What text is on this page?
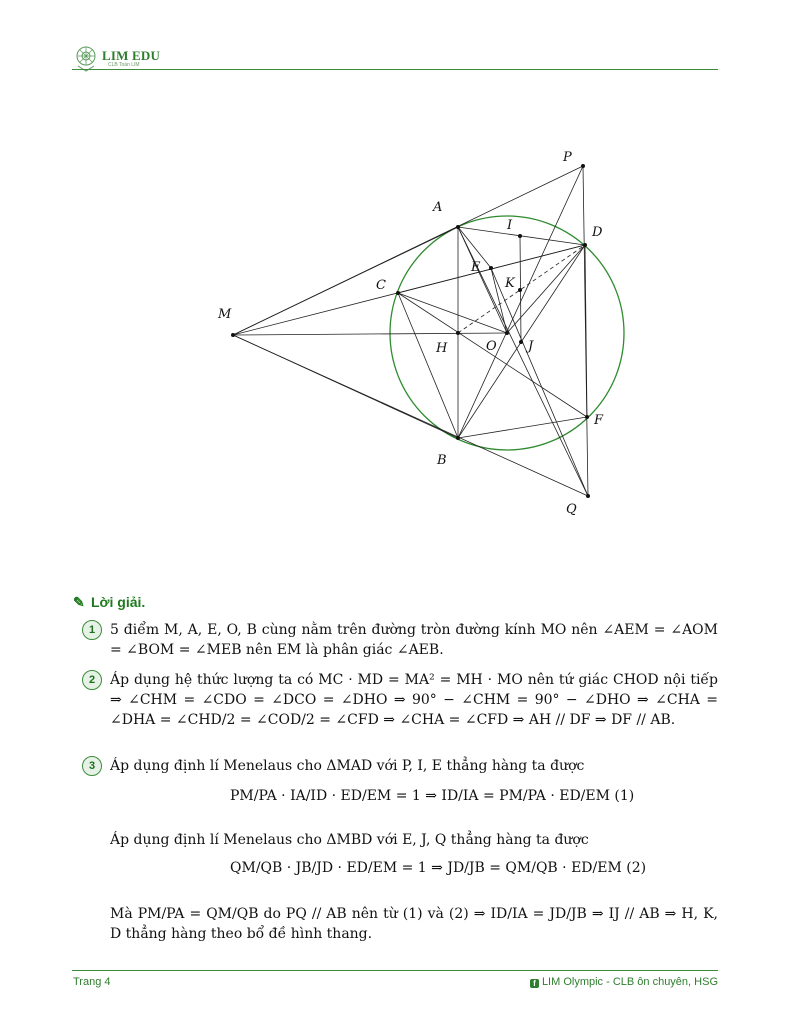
LIM EDU
CLB Toán LIM
P
A
I	D
E
K
C
M
H	O J
F
B
Q
✎ Lời giải.
1	5 điểm M, A, E, O, B cùng nằm trên đường tròn đường kính MO nên ∠AEM = ∠AOM = ∠BOM = ∠MEB nên EM là phân giác ∠AEB.
2	Áp dụng hệ thức lượng ta có MC · MD = MA² = MH · MO nên tứ giác CHOD nội tiếp ⇒ ∠CHM = ∠CDO = ∠DCO = ∠DHO ⇒ 90° − ∠CHM = 90° − ∠DHO ⇒ ∠CHA = ∠DHA = ∠CHD/2 = ∠COD/2 = ∠CFD ⇒ ∠CHA = ∠CFD ⇒ AH // DF ⇒ DF // AB.
3	Áp dụng định lí Menelaus cho ΔMAD với P, I, E thẳng hàng ta được
PM/PA · IA/ID · ED/EM = 1 ⇒ ID/IA = PM/PA · ED/EM (1)
Áp dụng định lí Menelaus cho ΔMBD với E, J, Q thẳng hàng ta được
QM/QB · JB/JD · ED/EM = 1 ⇒ JD/JB = QM/QB · ED/EM (2)
Mà PM/PA = QM/QB do PQ // AB nên từ (1) và (2) ⇒ ID/IA = JD/JB ⇒ IJ // AB ⇒ H, K, D thẳng hàng theo bổ đề hình thang.
Trang 4	f LIM Olympic - CLB ôn chuyên, HSG
